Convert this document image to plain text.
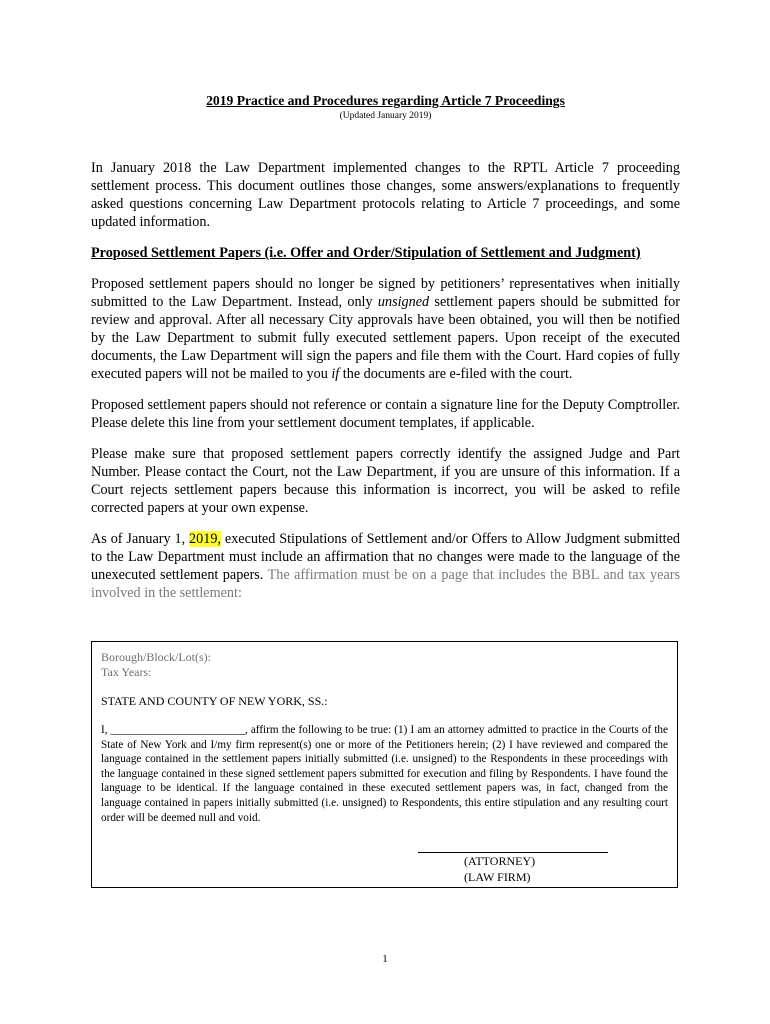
2019 Practice and Procedures regarding Article 7 Proceedings

(Updated January 2019)

In January 2018 the Law Department implemented changes to the RPTL Article 7 proceeding settlement process. This document outlines those changes, some answers/explanations to frequently asked questions concerning Law Department protocols relating to Article 7 proceedings, and some updated information.

Proposed Settlement Papers (i.e. Offer and Order/Stipulation of Settlement and Judgment)

Proposed settlement papers should no longer be signed by petitioners’ representatives when initially submitted to the Law Department. Instead, only unsigned settlement papers should be submitted for review and approval. After all necessary City approvals have been obtained, you will then be notified by the Law Department to submit fully executed settlement papers. Upon receipt of the executed documents, the Law Department will sign the papers and file them with the Court. Hard copies of fully executed papers will not be mailed to you if the documents are e-filed with the court.

Proposed settlement papers should not reference or contain a signature line for the Deputy Comptroller. Please delete this line from your settlement document templates, if applicable.

Please make sure that proposed settlement papers correctly identify the assigned Judge and Part Number. Please contact the Court, not the Law Department, if you are unsure of this information. If a Court rejects settlement papers because this information is incorrect, you will be asked to refile corrected papers at your own expense.

As of January 1, 2019, executed Stipulations of Settlement and/or Offers to Allow Judgment submitted to the Law Department must include an affirmation that no changes were made to the language of the unexecuted settlement papers. The affirmation must be on a page that includes the BBL and tax years involved in the settlement:

Borough/Block/Lot(s):

Tax Years:

STATE AND COUNTY OF NEW YORK, SS.:

I, ________________________, affirm the following to be true: (1) I am an attorney admitted to practice in the Courts of the State of New York and I/my firm represent(s) one or more of the Petitioners herein; (2) I have reviewed and compared the language contained in the settlement papers initially submitted (i.e. unsigned) to the Respondents in these proceedings with the language contained in these signed settlement papers submitted for execution and filing by Respondents. I have found the language to be identical. If the language contained in these executed settlement papers was, in fact, changed from the language contained in papers initially submitted (i.e. unsigned) to Respondents, this entire stipulation and any resulting court order will be deemed null and void.

(ATTORNEY)

(LAW FIRM)

1
